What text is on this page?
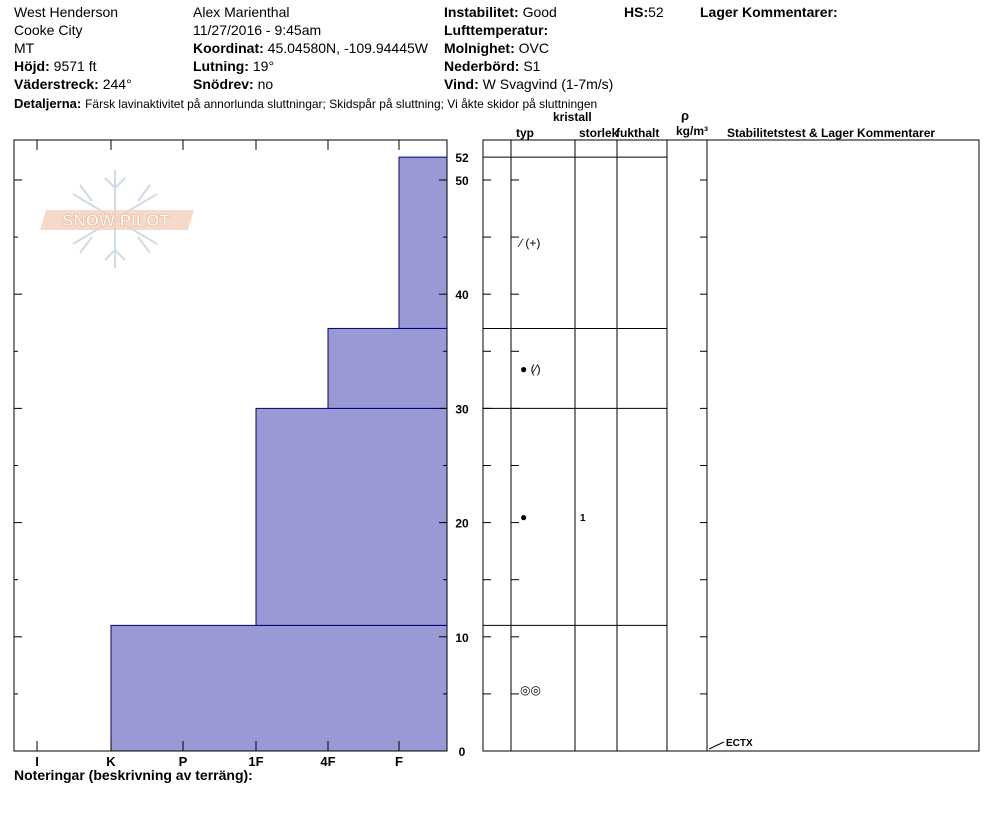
West Henderson
Cooke City
MT
Höjd: 9571 ft
Väderstreck: 244°
Alex Marienthal
11/27/2016 - 9:45am
Koordinat: 45.04580N, -109.94445W
Lutning: 19°
Snödrev: no
Instabilitet: Good
Lufttemperatur:
Molnighet: OVC
Nederbörd: S1
Vind: W Svagvind (1-7m/s)
HS:52	Lager Kommentarer:
Detaljerna: Färsk lavinaktivitet på annorlunda sluttningar; Skidspår på sluttning; Vi åkte skidor på sluttningen
typ
kristall
storlek
fukthalt
ρ
kg/m³ Stabilitetstest & Lager Kommentarer
SNOW PILOT
I	K	P	1F	4F	F
0
10
20
30
40
50
52
◎◎
●	1
● (⁄)
⁄ (+)
ECTX
Noteringar (beskrivning av terräng):
